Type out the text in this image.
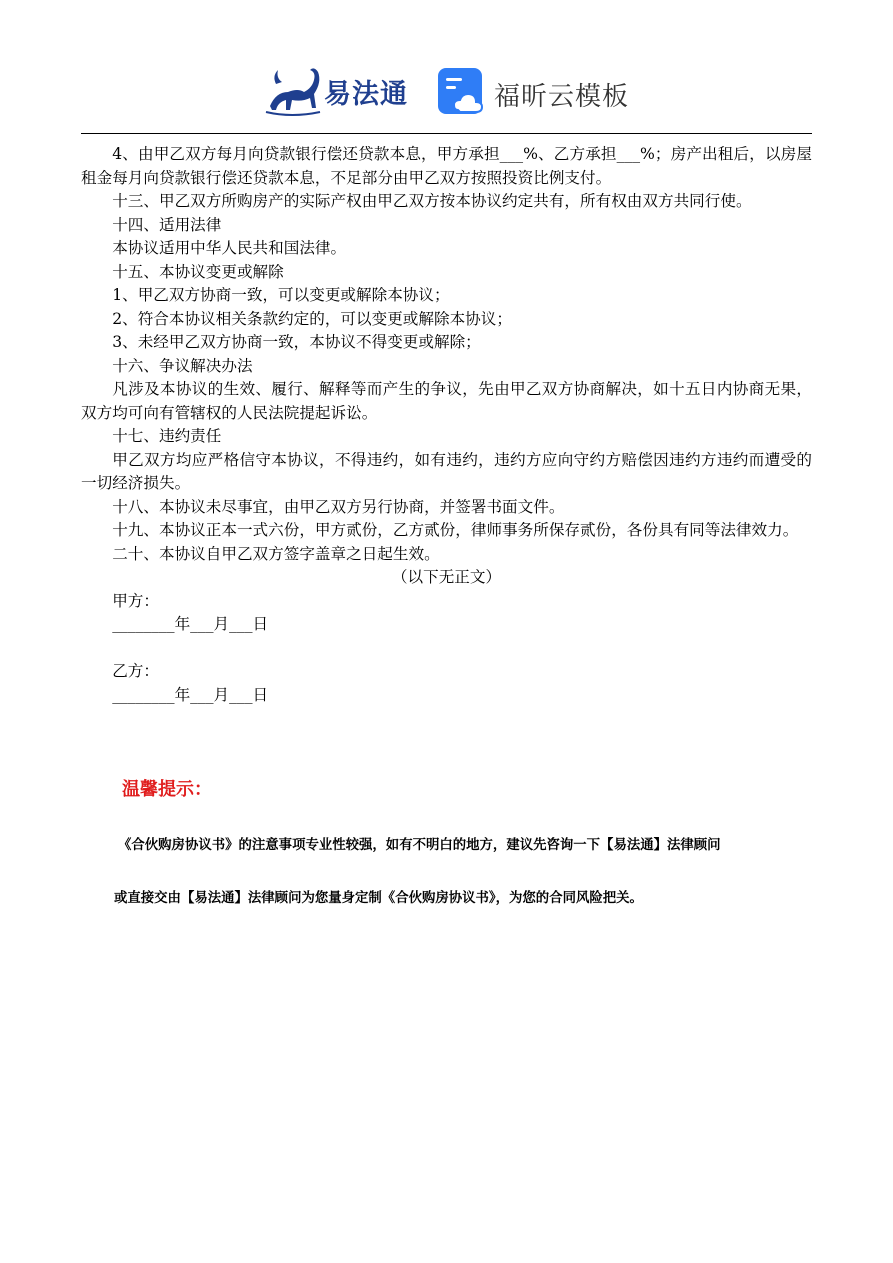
易法通	福昕云模板

4、由甲乙双方每月向贷款银行偿还贷款本息，甲方承担___%、乙方承担___%；房产出租后，以房屋租金每月向贷款银行偿还贷款本息，不足部分由甲乙双方按照投资比例支付。

十三、甲乙双方所购房产的实际产权由甲乙双方按本协议约定共有，所有权由双方共同行使。

十四、适用法律

本协议适用中华人民共和国法律。

十五、本协议变更或解除

1、甲乙双方协商一致，可以变更或解除本协议；

2、符合本协议相关条款约定的，可以变更或解除本协议；

3、未经甲乙双方协商一致，本协议不得变更或解除；

十六、争议解决办法

凡涉及本协议的生效、履行、解释等而产生的争议，先由甲乙双方协商解决，如十五日内协商无果，双方均可向有管辖权的人民法院提起诉讼。

十七、违约责任

甲乙双方均应严格信守本协议，不得违约，如有违约，违约方应向守约方赔偿因违约方违约而遭受的一切经济损失。

十八、本协议未尽事宜，由甲乙双方另行协商，并签署书面文件。

十九、本协议正本一式六份，甲方贰份，乙方贰份，律师事务所保存贰份，各份具有同等法律效力。

二十、本协议自甲乙双方签字盖章之日起生效。

（以下无正文）

甲方：

________年___月___日

乙方：

________年___月___日

温馨提示：
《合伙购房协议书》的注意事项专业性较强，如有不明白的地方，建议先咨询一下【易法通】法律顾问
或直接交由【易法通】法律顾问为您量身定制《合伙购房协议书》，为您的合同风险把关。
